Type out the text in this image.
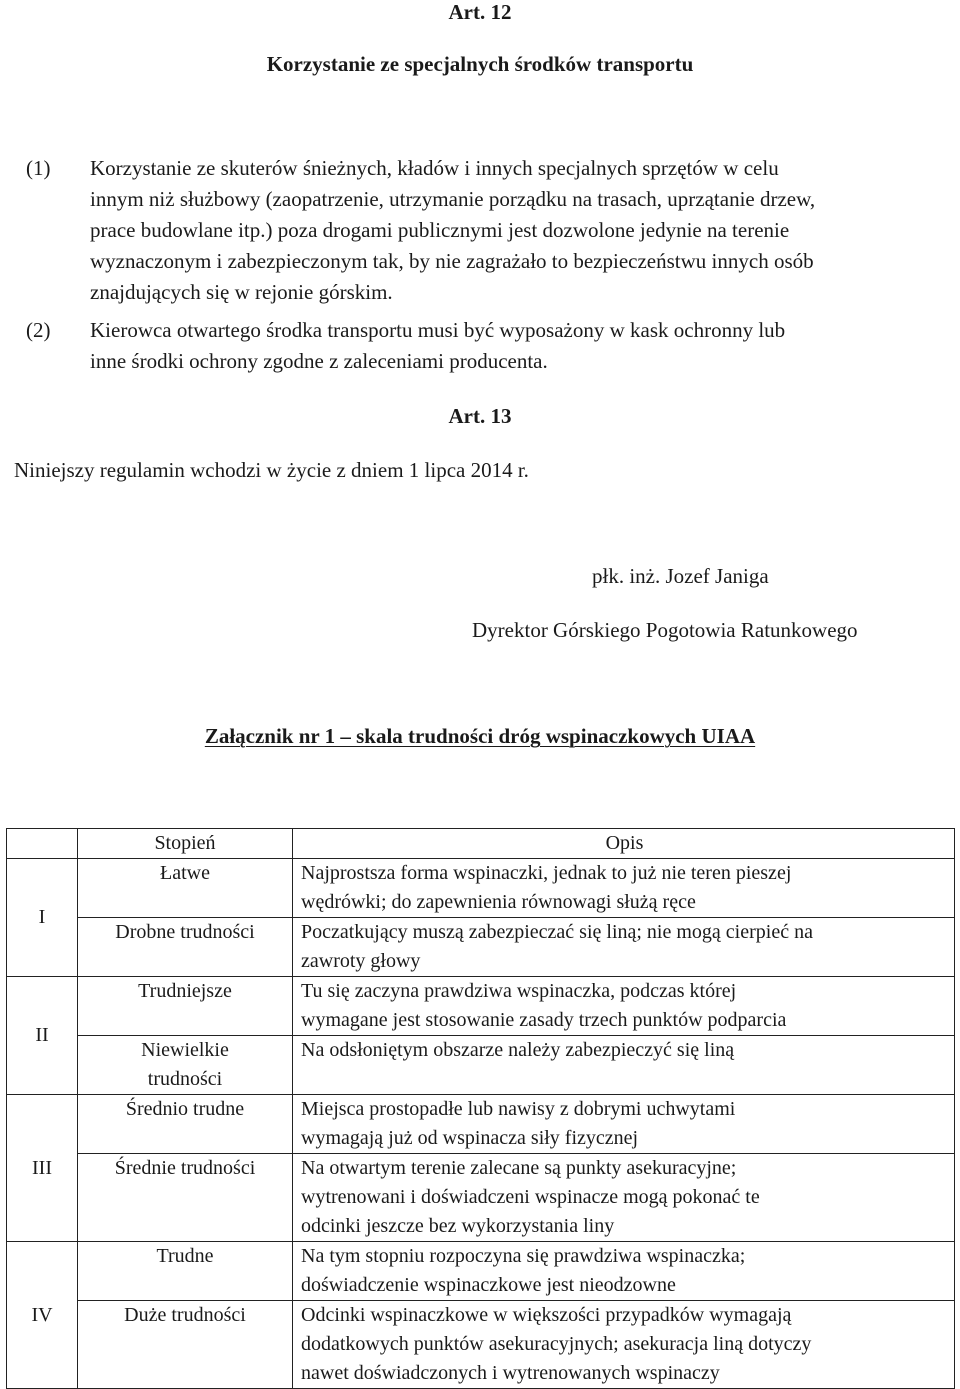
Art. 12
Korzystanie ze specjalnych środków transportu
(1) Korzystanie ze skuterów śnieżnych, kładów i innych specjalnych sprzętów w celu
innym niż służbowy (zaopatrzenie, utrzymanie porządku na trasach, uprzątanie drzew,
prace budowlane itp.) poza drogami publicznymi jest dozwolone jedynie na terenie
wyznaczonym i zabezpieczonym tak, by nie zagrażało to bezpieczeństwu innych osób
znajdujących się w rejonie górskim.
(2) Kierowca otwartego środka transportu musi być wyposażony w kask ochronny lub
inne środki ochrony zgodne z zaleceniami producenta.
Art. 13
Niniejszy regulamin wchodzi w życie z dniem 1 lipca 2014 r.
płk. inż. Jozef Janiga
Dyrektor Górskiego Pogotowia Ratunkowego
Załącznik nr 1 – skala trudności dróg wspinaczkowych UIAA

	Stopień	Opis

I	Łatwe	Najprostsza forma wspinaczki, jednak to już nie teren pieszej
wędrówki; do zapewnienia równowagi służą ręce

	Drobne trudności	Poczatkujący muszą zabezpieczać się liną; nie mogą cierpieć na
zawroty głowy

II	Trudniejsze	Tu się zaczyna prawdziwa wspinaczka, podczas której
wymagane jest stosowanie zasady trzech punktów podparcia

	Niewielkie
trudności	Na odsłoniętym obszarze należy zabezpieczyć się liną

III	Średnio trudne	Miejsca prostopadłe lub nawisy z dobrymi uchwytami
wymagają już od wspinacza siły fizycznej

	Średnie trudności	Na otwartym terenie zalecane są punkty asekuracyjne;
wytrenowani i doświadczeni wspinacze mogą pokonać te
odcinki jeszcze bez wykorzystania liny

IV	Trudne	Na tym stopniu rozpoczyna się prawdziwa wspinaczka;
doświadczenie wspinaczkowe jest nieodzowne

	Duże trudności	Odcinki wspinaczkowe w większości przypadków wymagają
dodatkowych punktów asekuracyjnych; asekuracja liną dotyczy
nawet doświadczonych i wytrenowanych wspinaczy
